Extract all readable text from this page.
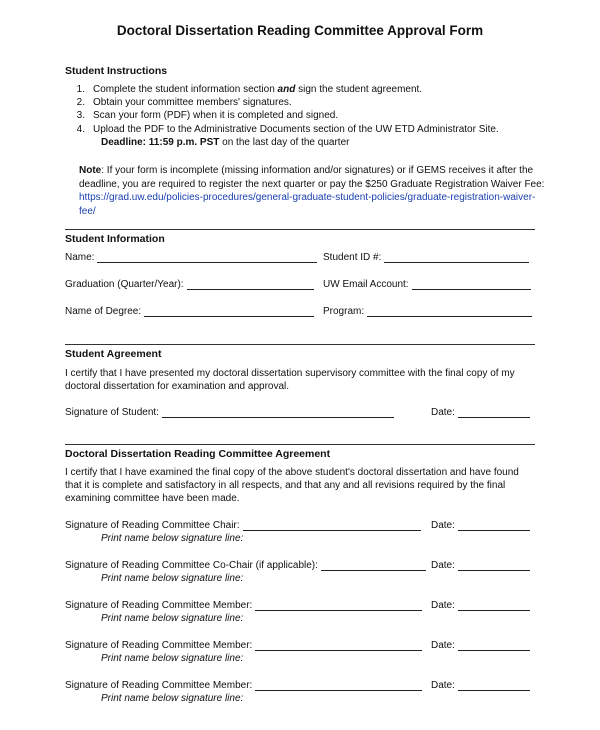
Doctoral Dissertation Reading Committee Approval Form
Student Instructions
1. Complete the student information section and sign the student agreement.
2. Obtain your committee members' signatures.
3. Scan your form (PDF) when it is completed and signed.
4. Upload the PDF to the Administrative Documents section of the UW ETD Administrator Site.
Deadline: 11:59 p.m. PST on the last day of the quarter
Note: If your form is incomplete (missing information and/or signatures) or if GEMS receives it after the deadline, you are required to register the next quarter or pay the $250 Graduate Registration Waiver Fee:
https://grad.uw.edu/policies-procedures/general-graduate-student-policies/graduate-registration-waiver-fee/
Student Information
Name:	Student ID #:
Graduation (Quarter/Year):	UW Email Account:
Name of Degree:	Program:
Student Agreement
I certify that I have presented my doctoral dissertation supervisory committee with the final copy of my doctoral dissertation for examination and approval.
Signature of Student:	Date:
Doctoral Dissertation Reading Committee Agreement
I certify that I have examined the final copy of the above student's doctoral dissertation and have found that it is complete and satisfactory in all respects, and that any and all revisions required by the final examining committee have been made.
Signature of Reading Committee Chair:	Date:
Print name below signature line:
Signature of Reading Committee Co-Chair (if applicable):	Date:
Print name below signature line:
Signature of Reading Committee Member:	Date:
Print name below signature line:
Signature of Reading Committee Member:	Date:
Print name below signature line:
Signature of Reading Committee Member:	Date:
Print name below signature line:
